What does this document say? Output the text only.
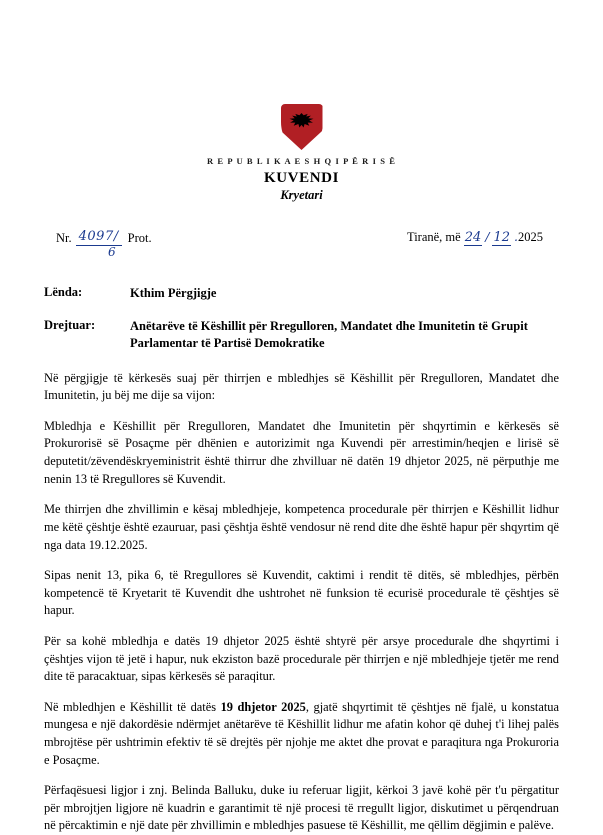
R E P U B L I K A E S H Q I P Ë R I S Ë
KUVENDI
Kryetari
Nr. 4097/
6
Prot.	Tiranë, më 24 / 12 . 2025
Lënda:	Kthim Përgjigje
Drejtuar:	Anëtarëve të Këshillit për Rregulloren, Mandatet dhe Imunitetin të Grupit Parlamentar të Partisë Demokratike

Në përgjigje të kërkesës suaj për thirrjen e mbledhjes së Këshillit për Rregulloren, Mandatet dhe Imunitetin, ju bëj me dije sa vijon:

Mbledhja e Këshillit për Rregulloren, Mandatet dhe Imunitetin për shqyrtimin e kërkesës së Prokurorisë së Posaçme për dhënien e autorizimit nga Kuvendi për arrestimin/heqjen e lirisë së deputetit/zëvendëskryeministrit është thirrur dhe zhvilluar në datën 19 dhjetor 2025, në përputhje me nenin 13 të Rregullores së Kuvendit.

Me thirrjen dhe zhvillimin e kësaj mbledhjeje, kompetenca procedurale për thirrjen e Këshillit lidhur me këtë çështje është ezauruar, pasi çështja është vendosur në rend dite dhe është hapur për shqyrtim që nga data 19.12.2025.

Sipas nenit 13, pika 6, të Rregullores së Kuvendit, caktimi i rendit të ditës, së mbledhjes, përbën kompetencë të Kryetarit të Kuvendit dhe ushtrohet në funksion të ecurisë procedurale të çështjes së hapur.

Për sa kohë mbledhja e datës 19 dhjetor 2025 është shtyrë për arsye procedurale dhe shqyrtimi i çështjes vijon të jetë i hapur, nuk ekziston bazë procedurale për thirrjen e një mbledhjeje tjetër me rend dite të paracaktuar, sipas kërkesës së paraqitur.

Në mbledhjen e Këshillit të datës 19 dhjetor 2025, gjatë shqyrtimit të çështjes në fjalë, u konstatua mungesa e një dakordësie ndërmjet anëtarëve të Këshillit lidhur me afatin kohor që duhej t'i lihej palës mbrojtëse për ushtrimin efektiv të së drejtës për njohje me aktet dhe provat e paraqitura nga Prokuroria e Posaçme.

Përfaqësuesi ligjor i znj. Belinda Balluku, duke iu referuar ligjit, kërkoi 3 javë kohë për t'u përgatitur për mbrojtjen ligjore në kuadrin e garantimit të një procesi të rregullt ligjor, diskutimet u përqendruan në përcaktimin e një date për zhvillimin e mbledhjes pasuese të Këshillit, me qëllim dëgjimin e palëve.
